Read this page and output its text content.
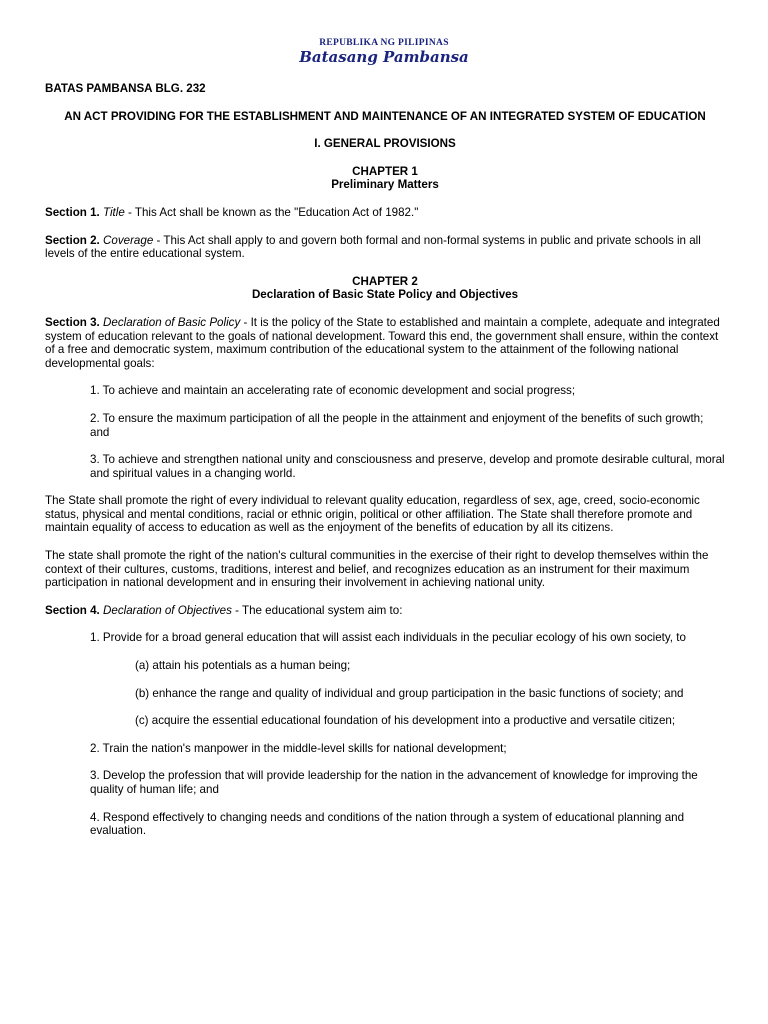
REPUBLIKA NG PILIPINAS
Batasang Pambansa

BATAS PAMBANSA BLG. 232

AN ACT PROVIDING FOR THE ESTABLISHMENT AND MAINTENANCE OF AN INTEGRATED SYSTEM OF EDUCATION

I. GENERAL PROVISIONS

CHAPTER 1

Preliminary Matters

Section 1. Title - This Act shall be known as the "Education Act of 1982."

Section 2. Coverage - This Act shall apply to and govern both formal and non-formal systems in public and private schools in all levels of the entire educational system.

CHAPTER 2

Declaration of Basic State Policy and Objectives

Section 3. Declaration of Basic Policy - It is the policy of the State to established and maintain a complete, adequate and integrated system of education relevant to the goals of national development. Toward this end, the government shall ensure, within the context of a free and democratic system, maximum contribution of the educational system to the attainment of the following national developmental goals:

1. To achieve and maintain an accelerating rate of economic development and social progress;

2. To ensure the maximum participation of all the people in the attainment and enjoyment of the benefits of such growth; and

3. To achieve and strengthen national unity and consciousness and preserve, develop and promote desirable cultural, moral and spiritual values in a changing world.

The State shall promote the right of every individual to relevant quality education, regardless of sex, age, creed, socio-economic status, physical and mental conditions, racial or ethnic origin, political or other affiliation. The State shall therefore promote and maintain equality of access to education as well as the enjoyment of the benefits of education by all its citizens.

The state shall promote the right of the nation's cultural communities in the exercise of their right to develop themselves within the context of their cultures, customs, traditions, interest and belief, and recognizes education as an instrument for their maximum participation in national development and in ensuring their involvement in achieving national unity.

Section 4. Declaration of Objectives - The educational system aim to:

1. Provide for a broad general education that will assist each individuals in the peculiar ecology of his own society, to

(a) attain his potentials as a human being;

(b) enhance the range and quality of individual and group participation in the basic functions of society; and

(c) acquire the essential educational foundation of his development into a productive and versatile citizen;

2. Train the nation's manpower in the middle-level skills for national development;

3. Develop the profession that will provide leadership for the nation in the advancement of knowledge for improving the quality of human life; and

4. Respond effectively to changing needs and conditions of the nation through a system of educational planning and evaluation.
